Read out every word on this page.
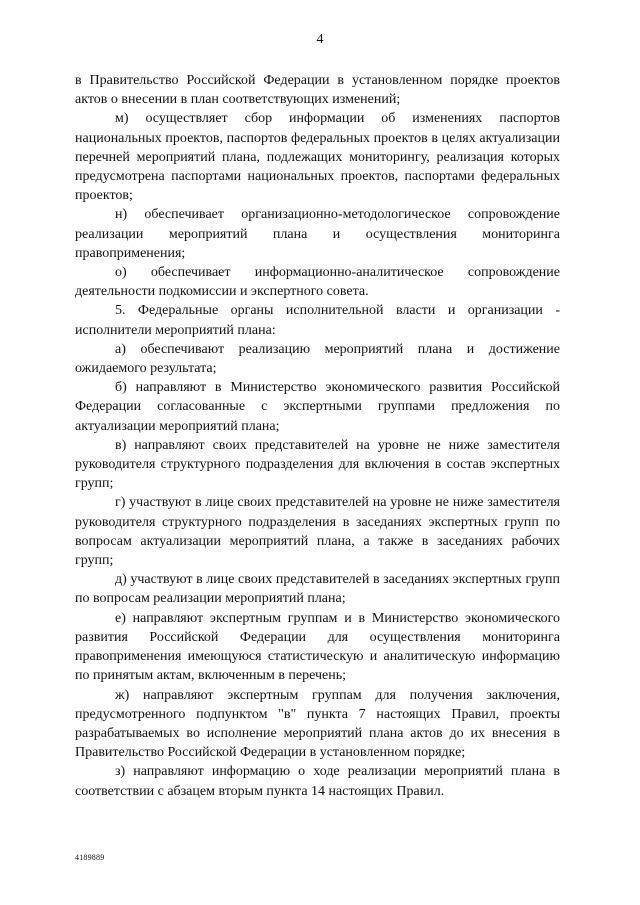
4

в Правительство Российской Федерации в установленном порядке проектов актов о внесении в план соответствующих изменений;

м) осуществляет сбор информации об изменениях паспортов национальных проектов, паспортов федеральных проектов в целях актуализации перечней мероприятий плана, подлежащих мониторингу, реализация которых предусмотрена паспортами национальных проектов, паспортами федеральных проектов;

н) обеспечивает организационно-методологическое сопровождение реализации мероприятий плана и осуществления мониторинга правоприменения;

о) обеспечивает информационно-аналитическое сопровождение деятельности подкомиссии и экспертного совета.

5. Федеральные органы исполнительной власти и организации - исполнители мероприятий плана:

а) обеспечивают реализацию мероприятий плана и достижение ожидаемого результата;

б) направляют в Министерство экономического развития Российской Федерации согласованные с экспертными группами предложения по актуализации мероприятий плана;

в) направляют своих представителей на уровне не ниже заместителя руководителя структурного подразделения для включения в состав экспертных групп;

г) участвуют в лице своих представителей на уровне не ниже заместителя руководителя структурного подразделения в заседаниях экспертных групп по вопросам актуализации мероприятий плана, а также в заседаниях рабочих групп;

д) участвуют в лице своих представителей в заседаниях экспертных групп по вопросам реализации мероприятий плана;

е) направляют экспертным группам и в Министерство экономического развития Российской Федерации для осуществления мониторинга правоприменения имеющуюся статистическую и аналитическую информацию по принятым актам, включенным в перечень;

ж) направляют экспертным группам для получения заключения, предусмотренного подпунктом "в" пункта 7 настоящих Правил, проекты разрабатываемых во исполнение мероприятий плана актов до их внесения в Правительство Российской Федерации в установленном порядке;

з) направляют информацию о ходе реализации мероприятий плана в соответствии с абзацем вторым пункта 14 настоящих Правил.

4189889
